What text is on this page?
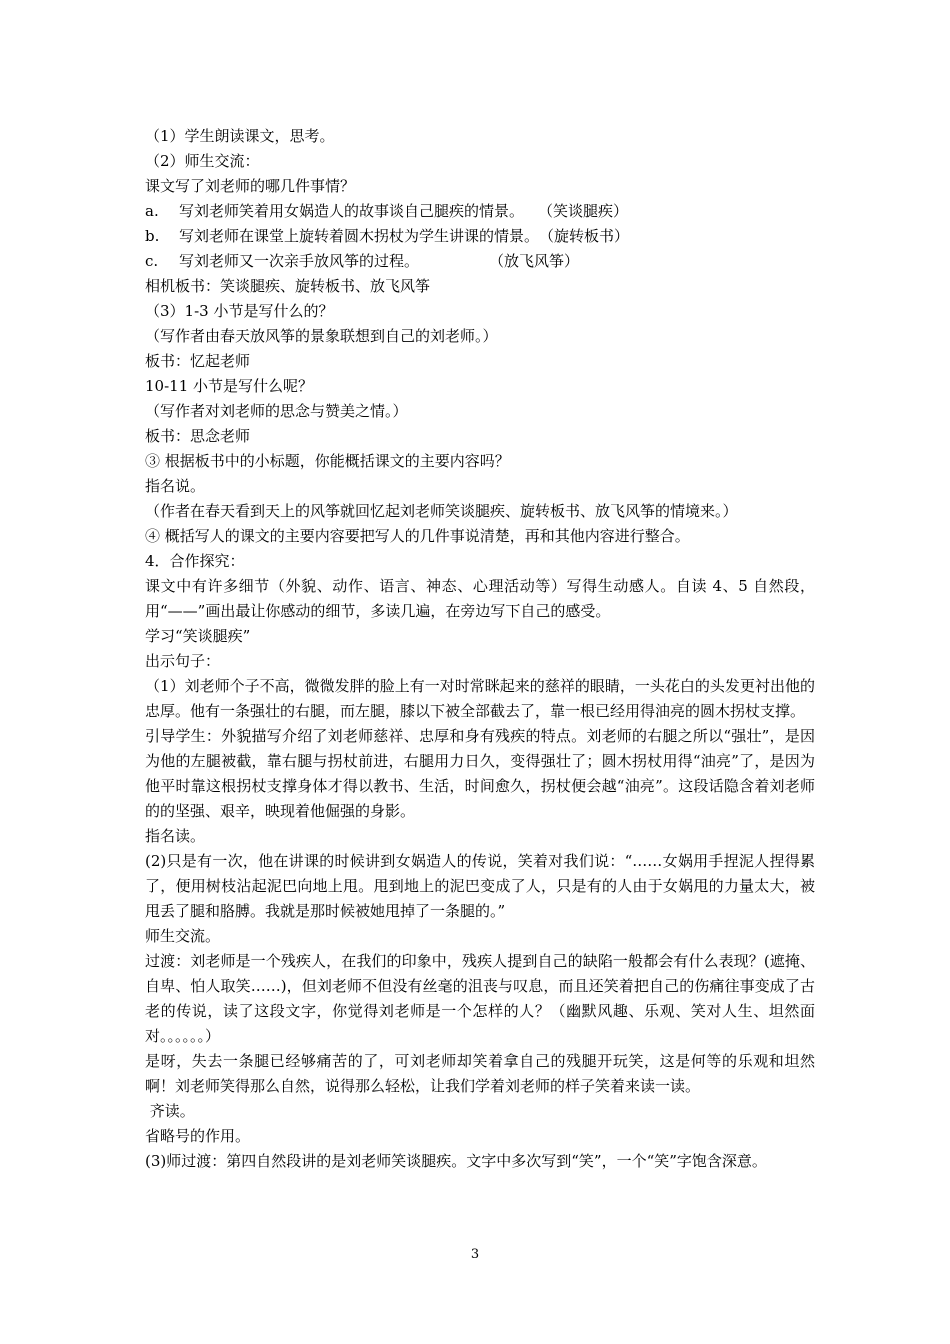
（1）学生朗读课文，思考。

（2）师生交流：

课文写了刘老师的哪几件事情？

a.	写刘老师笑着用女娲造人的故事谈自己腿疾的情景。 （笑谈腿疾）
b.	写刘老师在课堂上旋转着圆木拐杖为学生讲课的情景。 （旋转板书）
c.	写刘老师又一次亲手放风筝的过程。	（放飞风筝）

相机板书：笑谈腿疾、旋转板书、放飞风筝

（3）1-3 小节是写什么的？

（写作者由春天放风筝的景象联想到自己的刘老师。）

板书：忆起老师

10-11 小节是写什么呢？

（写作者对刘老师的思念与赞美之情。）

板书：思念老师

③ 根据板书中的小标题，你能概括课文的主要内容吗？

指名说。

（作者在春天看到天上的风筝就回忆起刘老师笑谈腿疾、旋转板书、放飞风筝的情境来。）

④ 概括写人的课文的主要内容要把写人的几件事说清楚，再和其他内容进行整合。

4．合作探究：

课文中有许多细节（外貌、动作、语言、神态、心理活动等）写得生动感人。自读 4、5 自然段，用“——”画出最让你感动的细节，多读几遍，在旁边写下自己的感受。

学习“笑谈腿疾”

出示句子：

（1）刘老师个子不高，微微发胖的脸上有一对时常眯起来的慈祥的眼睛，一头花白的头发更衬出他的忠厚。他有一条强壮的右腿，而左腿，膝以下被全部截去了，靠一根已经用得油亮的圆木拐杖支撑。

引导学生：外貌描写介绍了刘老师慈祥、忠厚和身有残疾的特点。刘老师的右腿之所以“强壮”，是因为他的左腿被截，靠右腿与拐杖前进，右腿用力日久，变得强壮了；圆木拐杖用得“油亮”了，是因为他平时靠这根拐杖支撑身体才得以教书、生活，时间愈久，拐杖便会越“油亮”。这段话隐含着刘老师的的坚强、艰辛，映现着他倔强的身影。

指名读。

(2)只是有一次，他在讲课的时候讲到女娲造人的传说，笑着对我们说：“……女娲用手捏泥人捏得累了，便用树枝沾起泥巴向地上甩。甩到地上的泥巴变成了人，只是有的人由于女娲甩的力量太大，被甩丢了腿和胳膊。我就是那时候被她甩掉了一条腿的。”

师生交流。

过渡：刘老师是一个残疾人，在我们的印象中，残疾人提到自己的缺陷一般都会有什么表现？(遮掩、自卑、怕人取笑……)，但刘老师不但没有丝毫的沮丧与叹息，而且还笑着把自己的伤痛往事变成了古老的传说，读了这段文字，你觉得刘老师是一个怎样的人？（幽默风趣、乐观、笑对人生、坦然面对。。。。。。）

是呀，失去一条腿已经够痛苦的了，可刘老师却笑着拿自己的残腿开玩笑，这是何等的乐观和坦然啊！刘老师笑得那么自然，说得那么轻松，让我们学着刘老师的样子笑着来读一读。

齐读。

省略号的作用。

(3)师过渡：第四自然段讲的是刘老师笑谈腿疾。文字中多次写到“笑”，一个“笑”字饱含深意。

3
